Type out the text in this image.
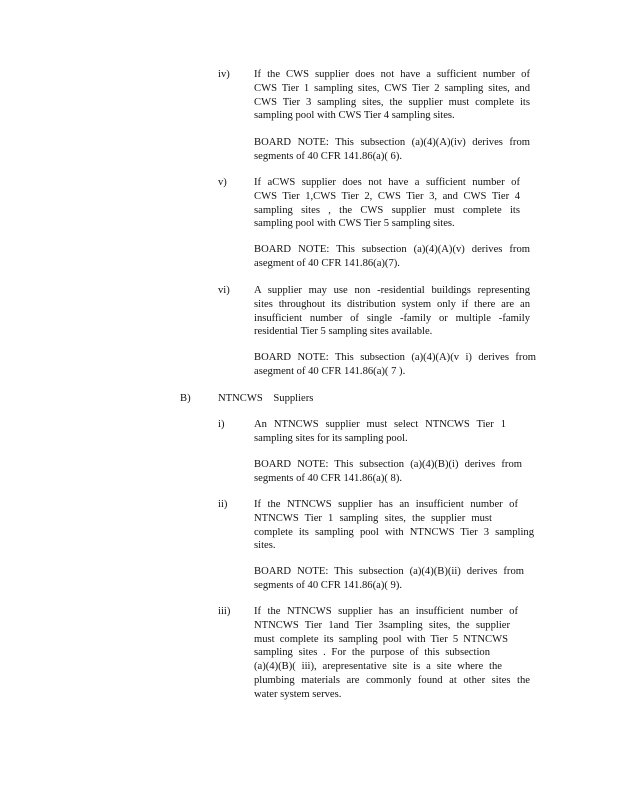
iv) If the CWS supplier does not have a sufficient number of
CWS Tier 1 sampling sites, CWS Tier 2 sampling sites, and
CWS Tier 3 sampling sites, the supplier must complete its
sampling pool with CWS Tier 4 sampling sites.
BOARD NOTE: This subsection (a)(4)(A)(iv) derives from
segments of 40 CFR 141.86(a)( 6).
v)	If aCWS supplier does not have a sufficient number of
CWS Tier 1,CWS Tier 2, CWS Tier 3, and CWS Tier 4
sampling sites , the CWS supplier must complete its
sampling pool with CWS Tier 5 sampling sites.
BOARD NOTE: This subsection (a)(4)(A)(v) derives from
asegment of 40 CFR 141.86(a)(7).
vi) A supplier may use non -residential buildings representing
sites throughout its distribution system only if there are an
insufficient number of single -family or multiple -family
residential Tier 5 sampling sites available.
BOARD NOTE: This subsection (a)(4)(A)(v i) derives from
asegment of 40 CFR 141.86(a)( 7 ).
B)	NTNCWS Suppliers
i)	An NTNCWS supplier must select NTNCWS Tier 1
sampling sites for its sampling pool.
BOARD NOTE: This subsection (a)(4)(B)(i) derives from
segments of 40 CFR 141.86(a)( 8).
ii)	If the NTNCWS supplier has an insufficient number of
NTNCWS Tier 1 sampling sites, the supplier must
complete its sampling pool with NTNCWS Tier 3 sampling
sites.
BOARD NOTE: This subsection (a)(4)(B)(ii) derives from
segments of 40 CFR 141.86(a)( 9).
iii) If the NTNCWS supplier has an insufficient number of
NTNCWS Tier 1and Tier 3sampling sites, the supplier
must complete its sampling pool with Tier 5 NTNCWS
sampling sites . For the purpose of this subsection
(a)(4)(B)( iii), arepresentative site is a site where the
plumbing materials are commonly found at other sites the
water system serves.
